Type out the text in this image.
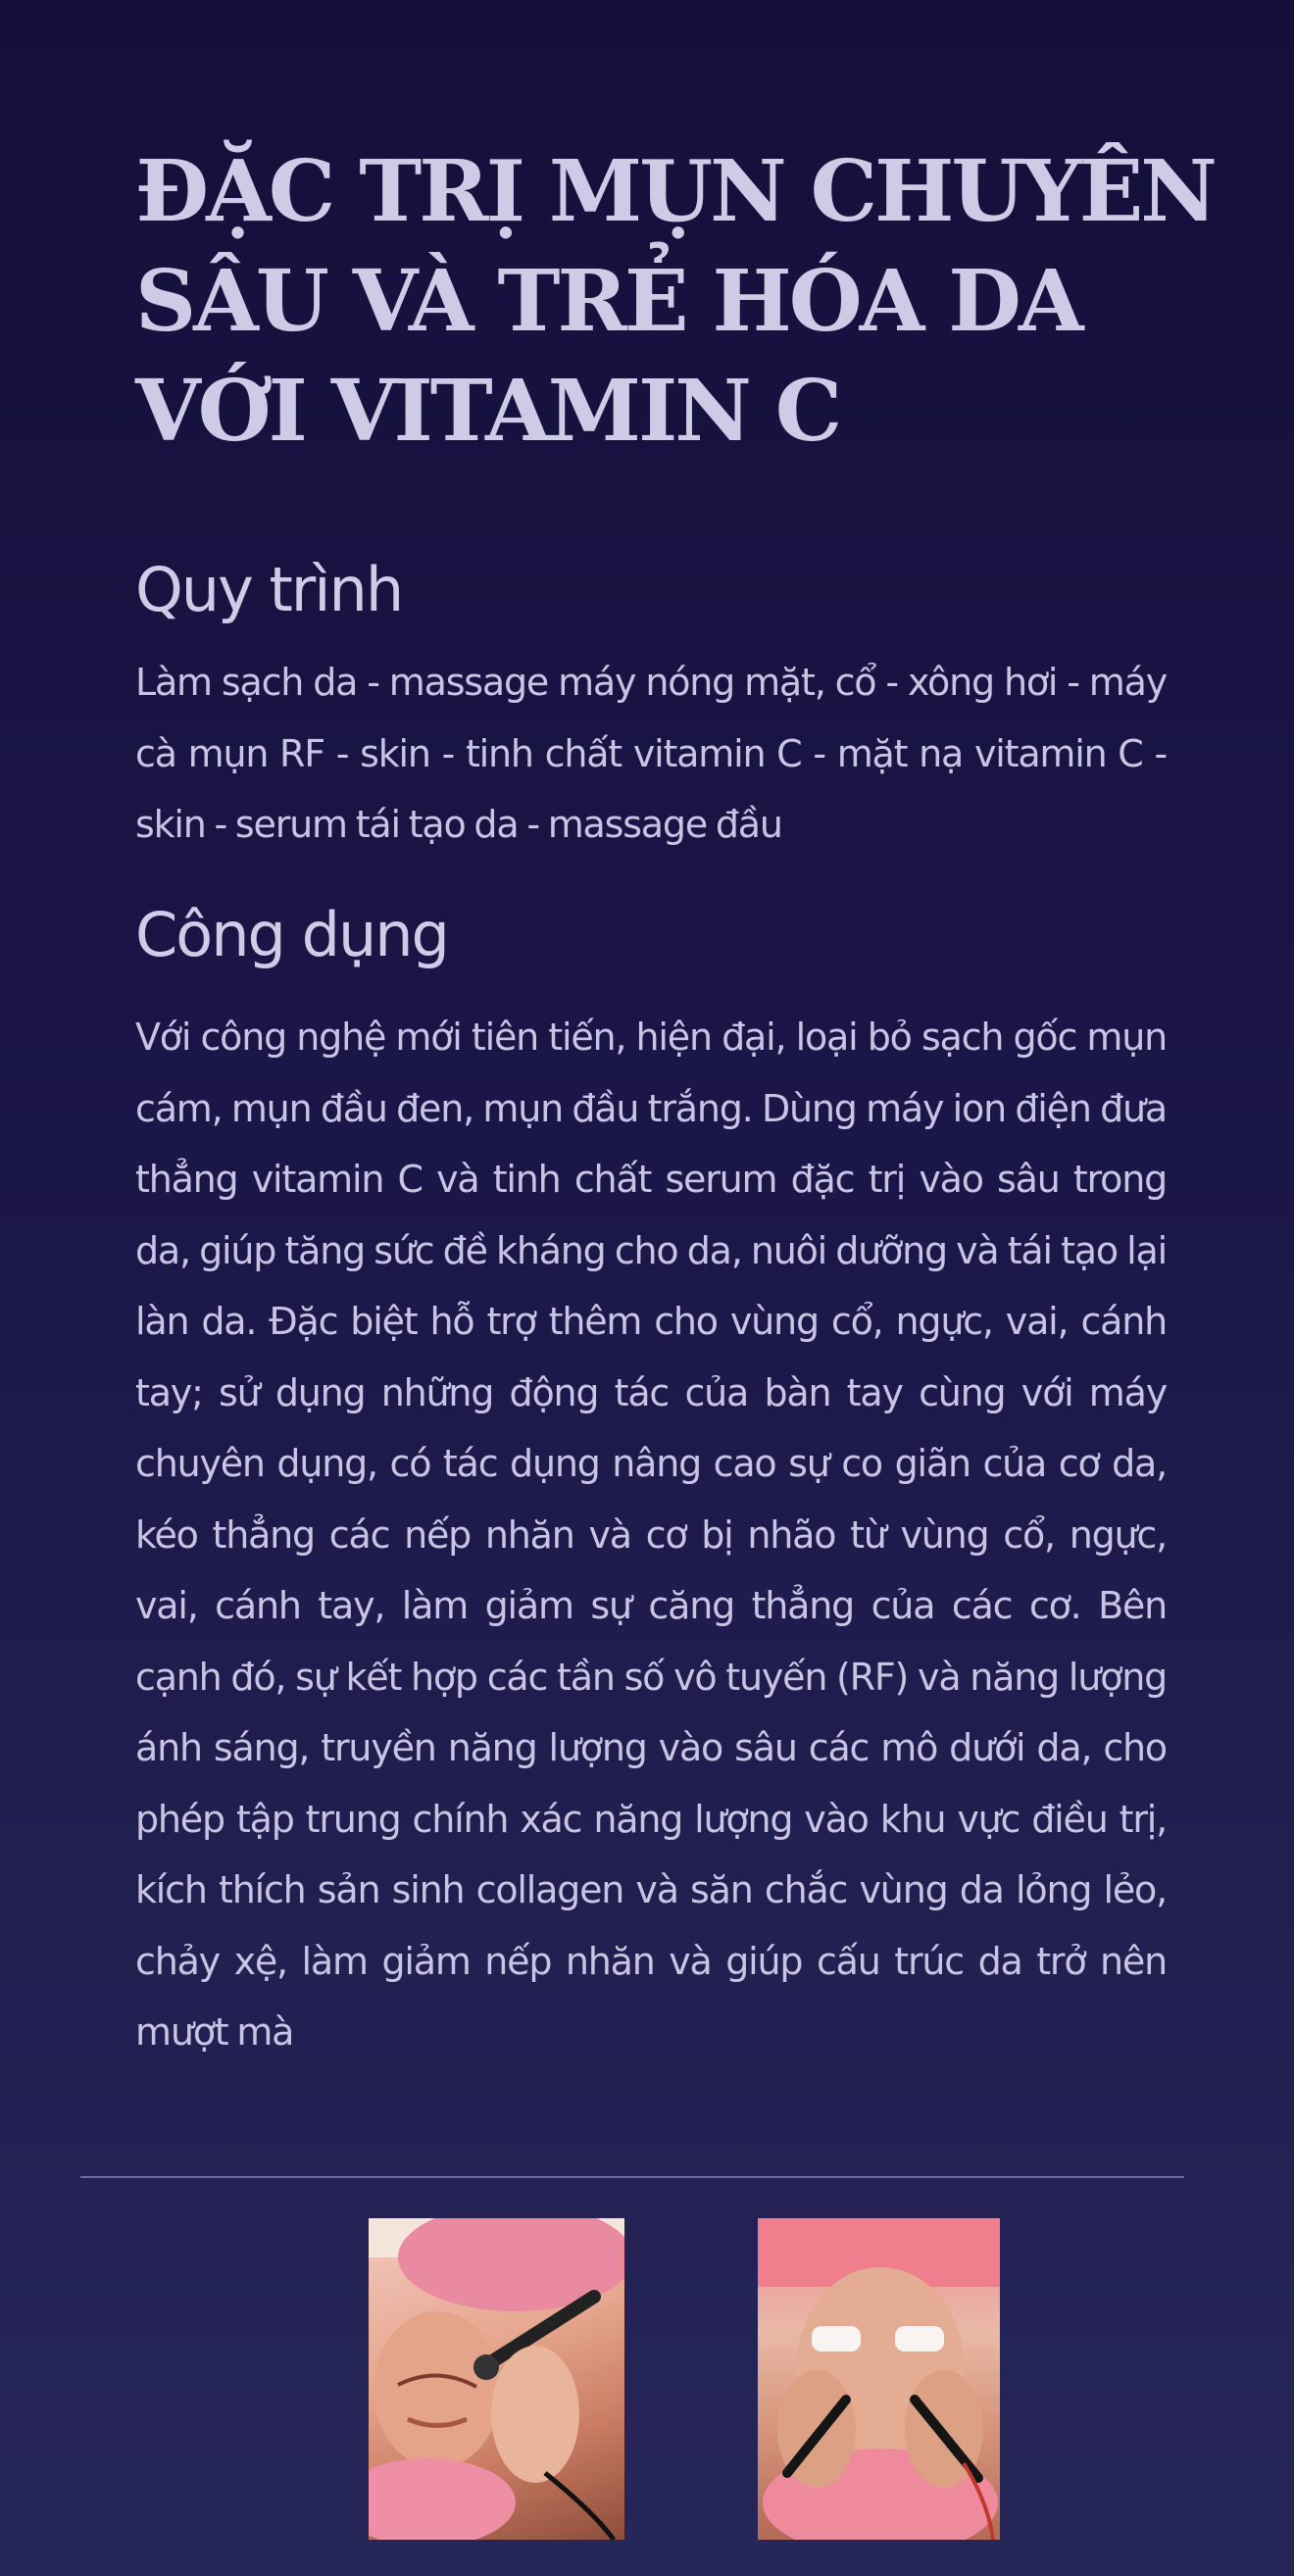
ĐẶC TRỊ MỤN CHUYÊN
SÂU VÀ TRẺ HÓA DA
VỚI VITAMIN C
Quy trình

Làm sạch da - massage máy nóng mặt, cổ - xông hơi - máy cà mụn RF - skin - tinh chất vitamin C - mặt nạ vitamin C - skin - serum tái tạo da - massage đầu

Công dụng

Với công nghệ mới tiên tiến, hiện đại, loại bỏ sạch gốc mụn cám, mụn đầu đen, mụn đầu trắng. Dùng máy ion điện đưa thẳng vitamin C và tinh chất serum đặc trị vào sâu trong da, giúp tăng sức đề kháng cho da, nuôi dưỡng và tái tạo lại làn da. Đặc biệt hỗ trợ thêm cho vùng cổ, ngực, vai, cánh tay; sử dụng những động tác của bàn tay cùng với máy chuyên dụng, có tác dụng nâng cao sự co giãn của cơ da, kéo thẳng các nếp nhăn và cơ bị nhão từ vùng cổ, ngực, vai, cánh tay, làm giảm sự căng thẳng của các cơ. Bên cạnh đó, sự kết hợp các tần số vô tuyến (RF) và năng lượng ánh sáng, truyền năng lượng vào sâu các mô dưới da, cho phép tập trung chính xác năng lượng vào khu vực điều trị, kích thích sản sinh collagen và săn chắc vùng da lỏng lẻo, chảy xệ, làm giảm nếp nhăn và giúp cấu trúc da trở nên mượt mà
